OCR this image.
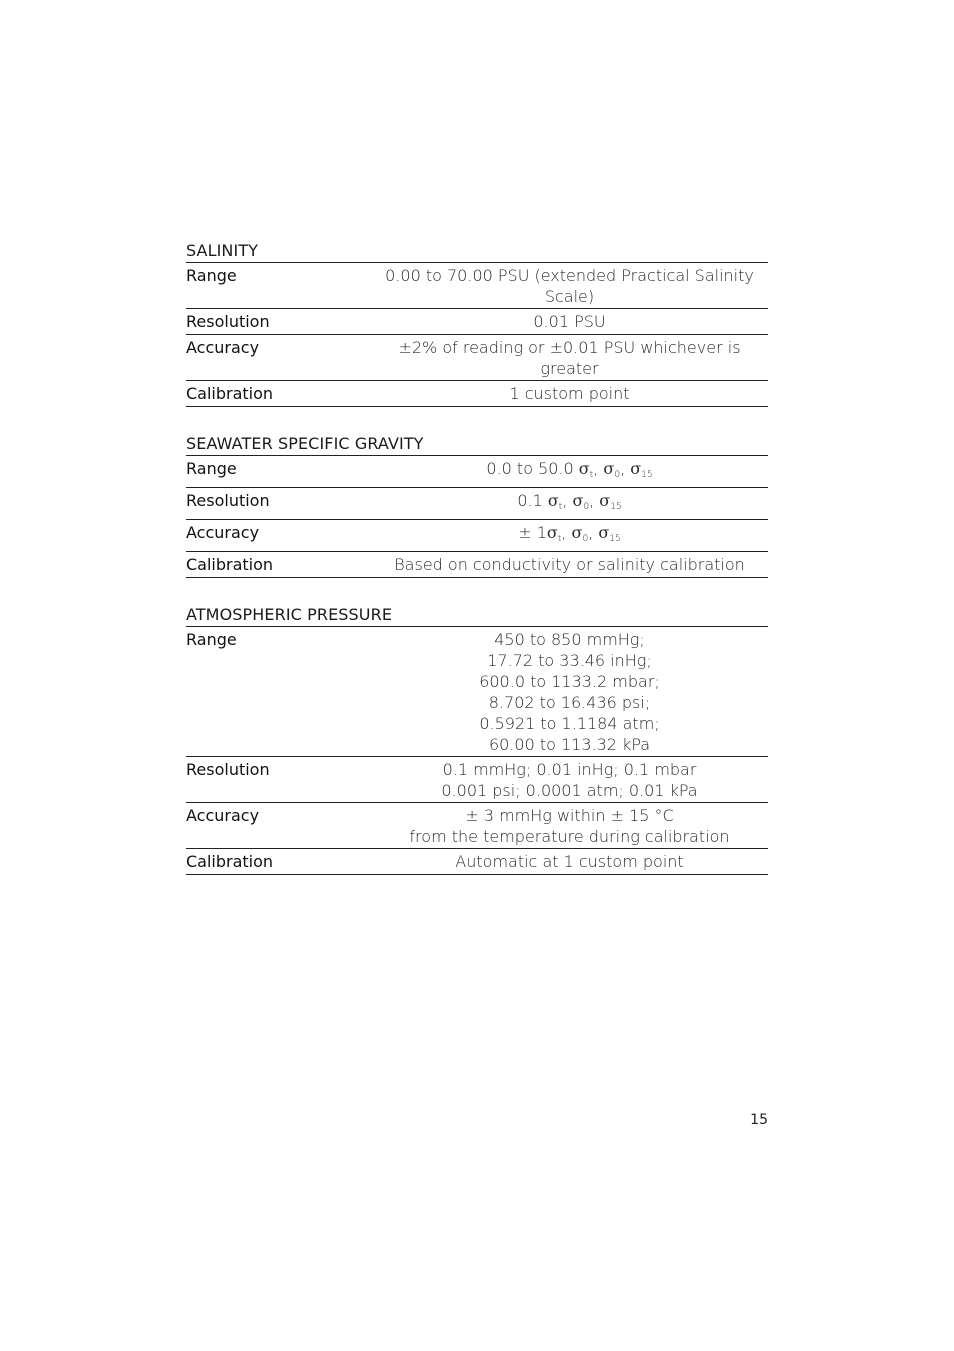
SALINITY
Range	0.00 to 70.00 PSU (extended Practical Salinity Scale)
Resolution	0.01 PSU
Accuracy	±2% of reading or ±0.01 PSU whichever is greater
Calibration	1 custom point
SEAWATER SPECIFIC GRAVITY
Range	0.0 to 50.0 $\sigma_t$, $\sigma_0$, $\sigma_{15}$
Resolution	0.1 $\sigma_t$, $\sigma_0$, $\sigma_{15}$
Accuracy	± $1\sigma_t$, $\sigma_0$, $\sigma_{15}$
Calibration	Based on conductivity or salinity calibration
ATMOSPHERIC PRESSURE
Range	450 to 850 mmHg;
17.72 to 33.46 inHg;
600.0 to 1133.2 mbar;
8.702 to 16.436 psi;
0.5921 to 1.1184 atm;
60.00 to 113.32 kPa
Resolution	0.1 mmHg; 0.01 inHg; 0.1 mbar
0.001 psi; 0.0001 atm; 0.01 kPa
Accuracy	± 3 mmHg within ± 15 °C
from the temperature during calibration
Calibration	Automatic at 1 custom point
15
